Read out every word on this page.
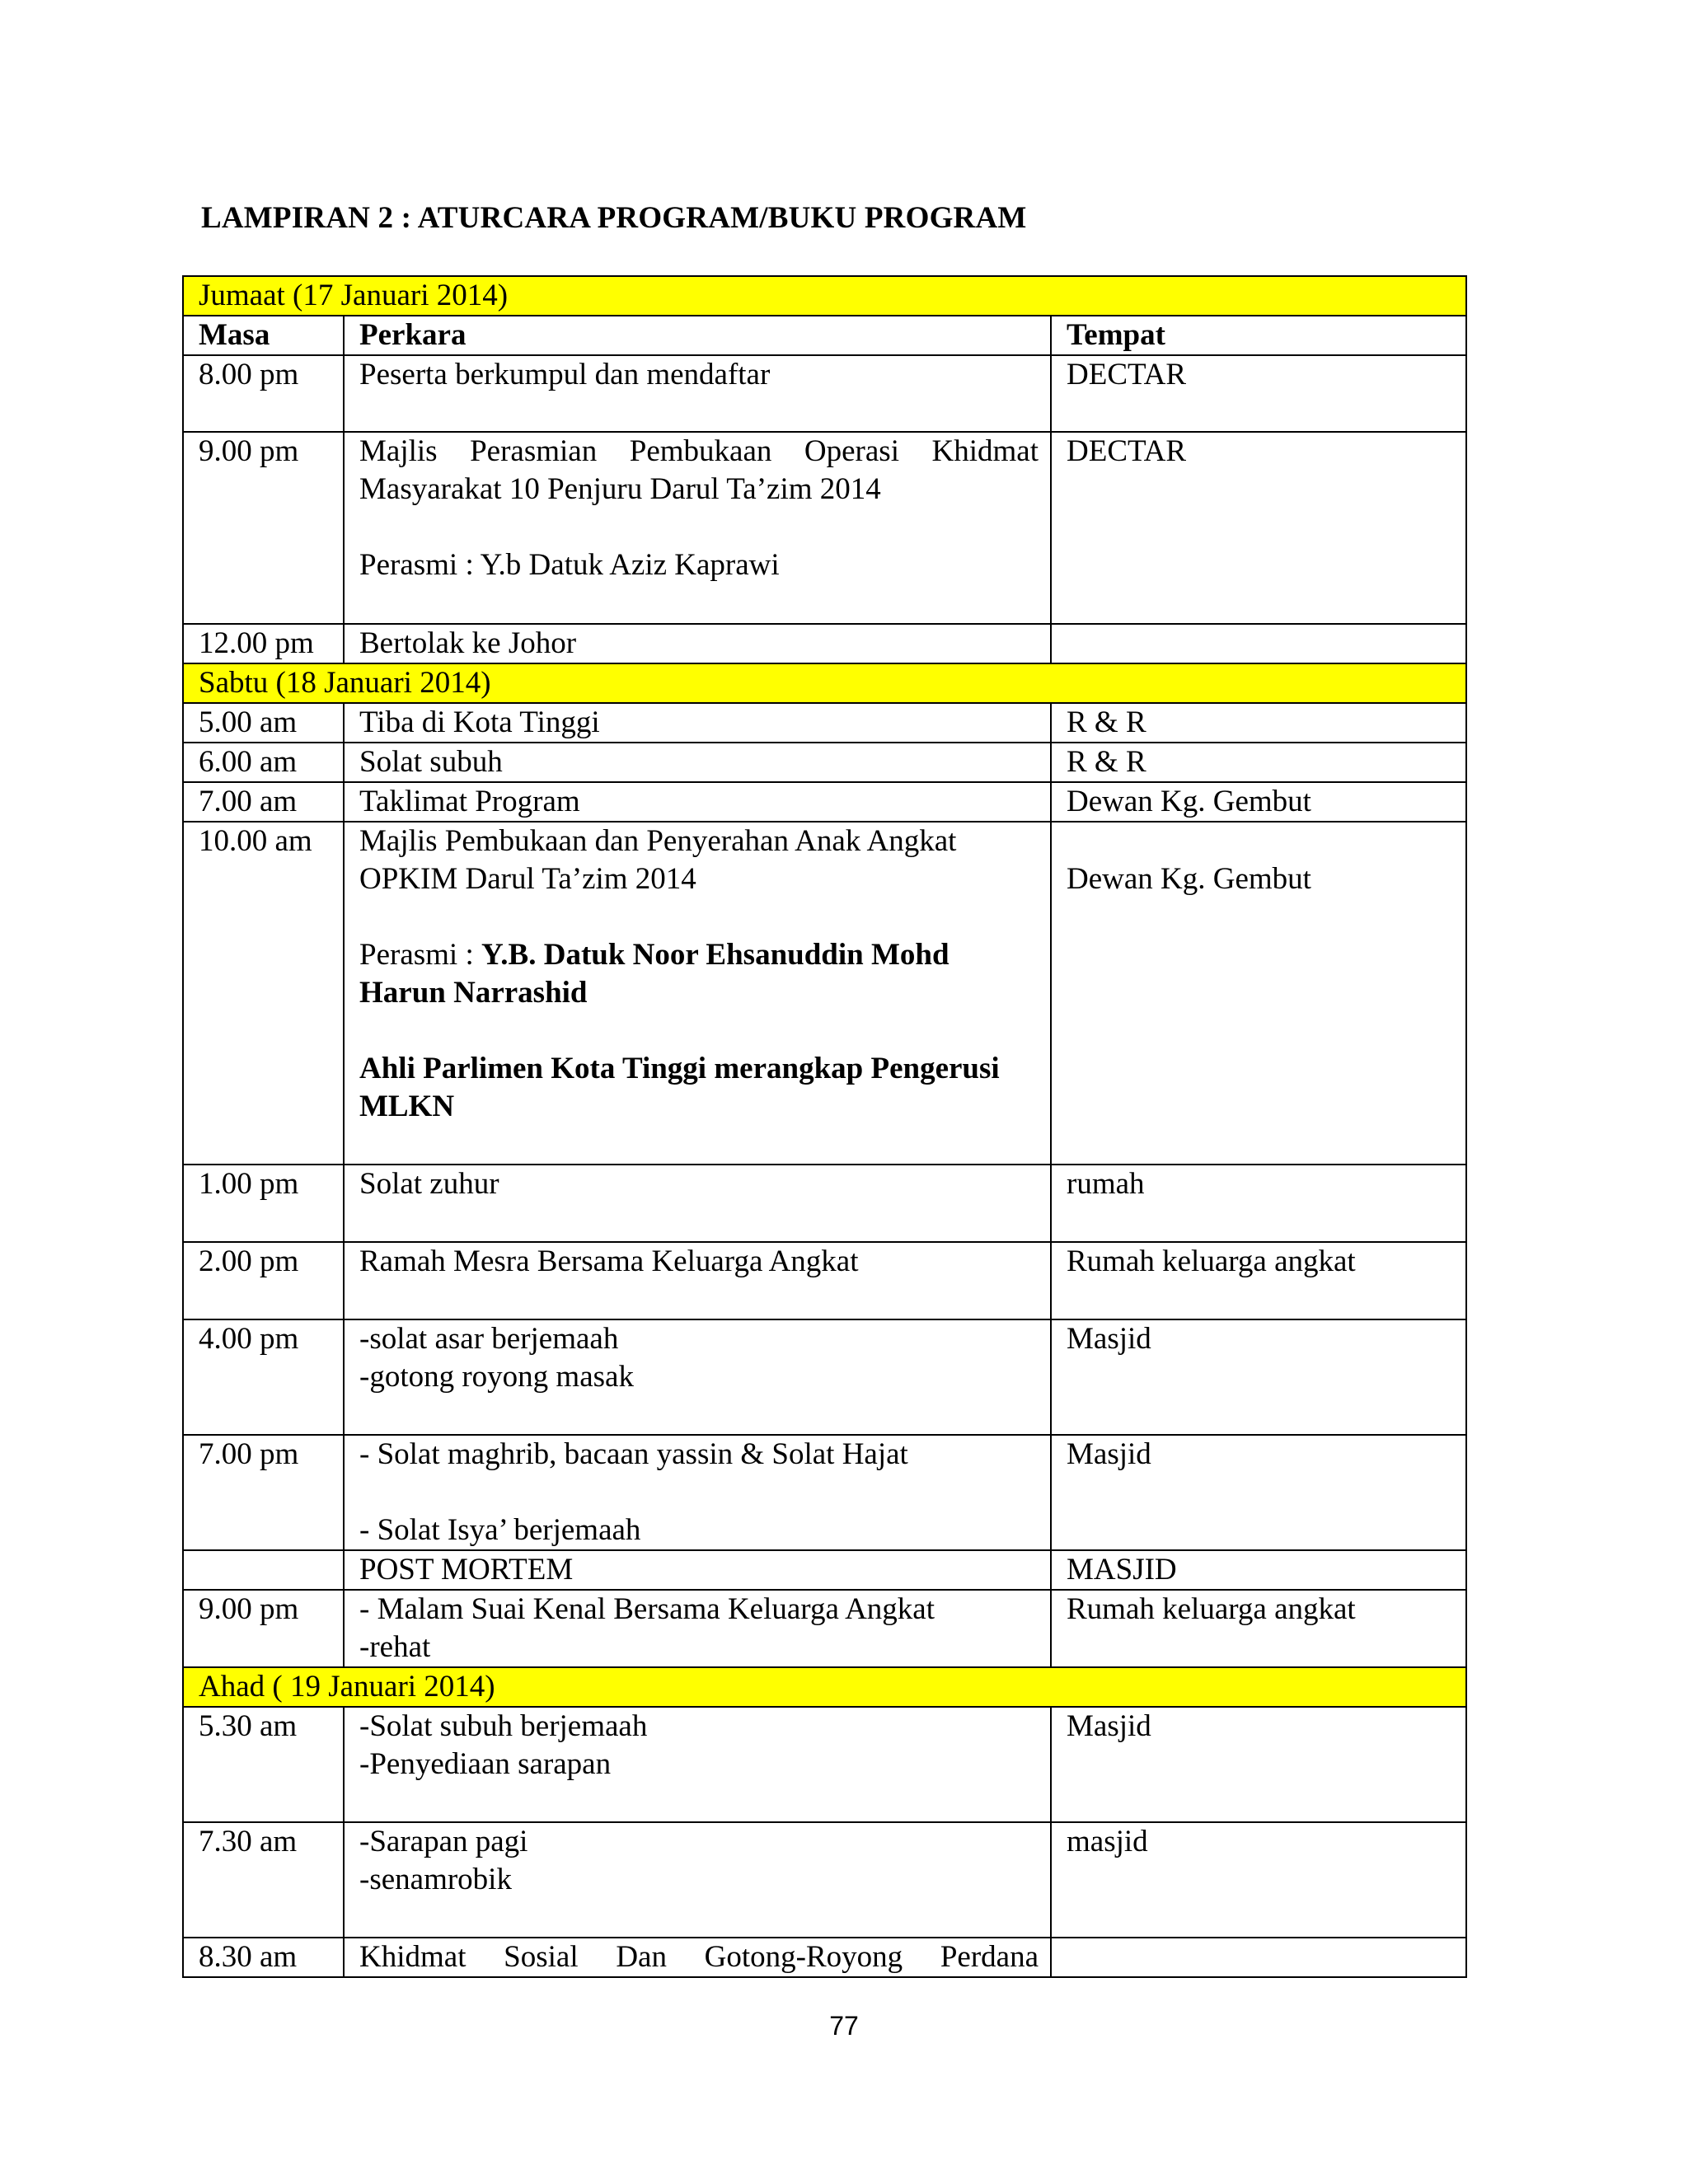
LAMPIRAN 2 : ATURCARA PROGRAM/BUKU PROGRAM
Jumaat (17 Januari 2014)		
Masa	Perkara	Tempat
8.00 pm	Peserta berkumpul dan mendaftar	DECTAR
9.00 pm	Majlis Perasmian Pembukaan Operasi Khidmat Masyarakat 10 Penjuru Darul Ta’zim 2014
Perasmi : Y.b Datuk Aziz Kaprawi	DECTAR
12.00 pm	Bertolak ke Johor	
Sabtu (18 Januari 2014)		
5.00 am	Tiba di Kota Tinggi	R & R
6.00 am	Solat subuh	R & R
7.00 am	Taklimat Program	Dewan Kg. Gembut
10.00 am	Majlis Pembukaan dan Penyerahan Anak Angkat
OPKIM Darul Ta’zim 2014
Perasmi : Y.B. Datuk Noor Ehsanuddin Mohd Harun Narrashid
Ahli Parlimen Kota Tinggi merangkap Pengerusi MLKN	Dewan Kg. Gembut

1.00 pm	Solat zuhur	rumah
2.00 pm	Ramah Mesra Bersama Keluarga Angkat	Rumah keluarga angkat
4.00 pm	-solat asar berjemaah
-gotong royong masak	Masjid
7.00 pm	- Solat maghrib, bacaan yassin & Solat Hajat
- Solat Isya’ berjemaah	Masjid
	POST MORTEM	MASJID
9.00 pm	- Malam Suai Kenal Bersama Keluarga Angkat
-rehat	Rumah keluarga angkat
Ahad ( 19 Januari 2014)		
5.30 am	-Solat subuh berjemaah
-Penyediaan sarapan	Masjid
7.30 am	-Sarapan pagi
-senamrobik	masjid
8.30 am	Khidmat Sosial Dan Gotong-Royong Perdana	

77
